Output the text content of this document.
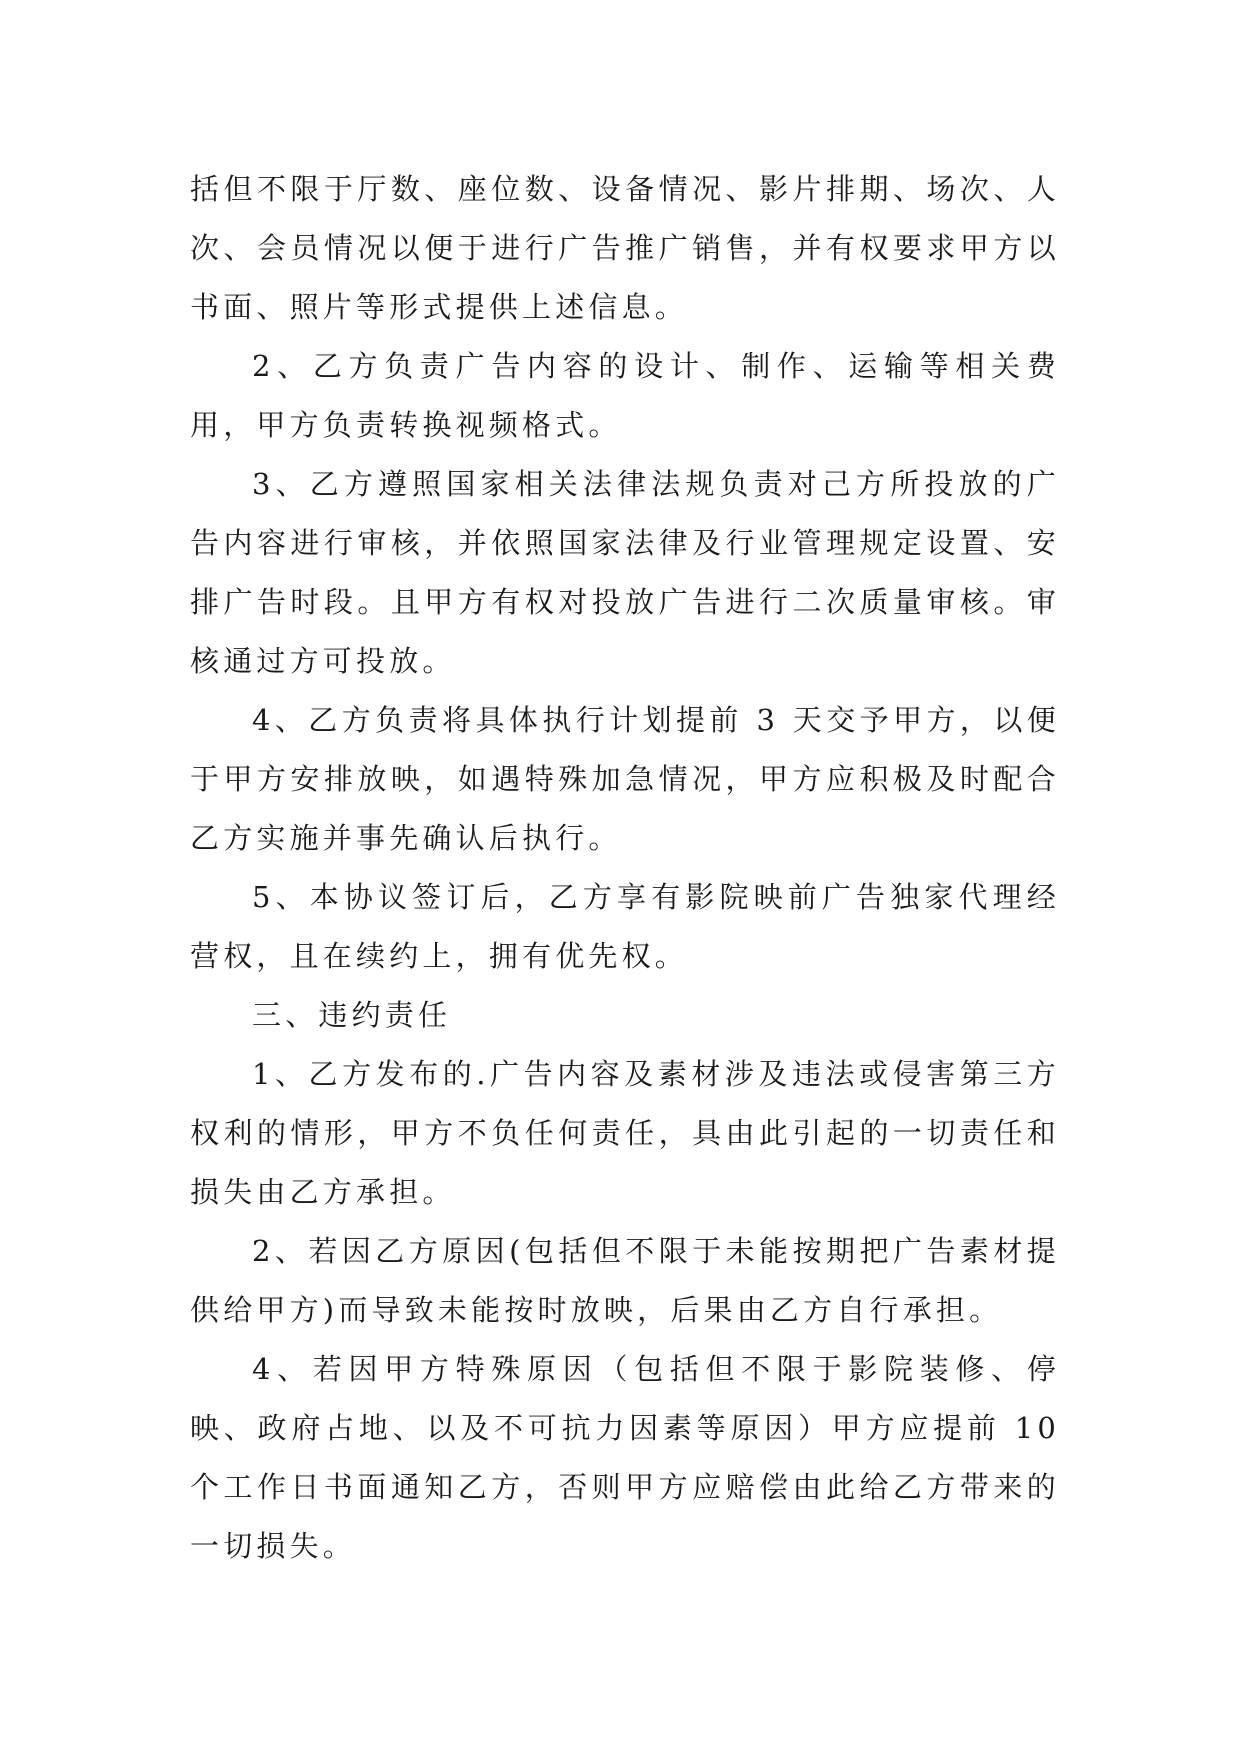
括但不限于厅数、座位数、设备情况、影片排期、场次、人次、会员情况以便于进行广告推广销售，并有权要求甲方以书面、照片等形式提供上述信息。

2、乙方负责广告内容的设计、制作、运输等相关费用，甲方负责转换视频格式。

3、乙方遵照国家相关法律法规负责对己方所投放的广告内容进行审核，并依照国家法律及行业管理规定设置、安排广告时段。且甲方有权对投放广告进行二次质量审核。审核通过方可投放。

4、乙方负责将具体执行计划提前 3 天交予甲方，以便于甲方安排放映，如遇特殊加急情况，甲方应积极及时配合乙方实施并事先确认后执行。

5、本协议签订后，乙方享有影院映前广告独家代理经营权，且在续约上，拥有优先权。

三、违约责任

1、乙方发布的.广告内容及素材涉及违法或侵害第三方权利的情形，甲方不负任何责任，具由此引起的一切责任和损失由乙方承担。

2、若因乙方原因(包括但不限于未能按期把广告素材提供给甲方)而导致未能按时放映，后果由乙方自行承担。

4、若因甲方特殊原因（包括但不限于影院装修、停映、政府占地、以及不可抗力因素等原因）甲方应提前 10 个工作日书面通知乙方，否则甲方应赔偿由此给乙方带来的一切损失。
